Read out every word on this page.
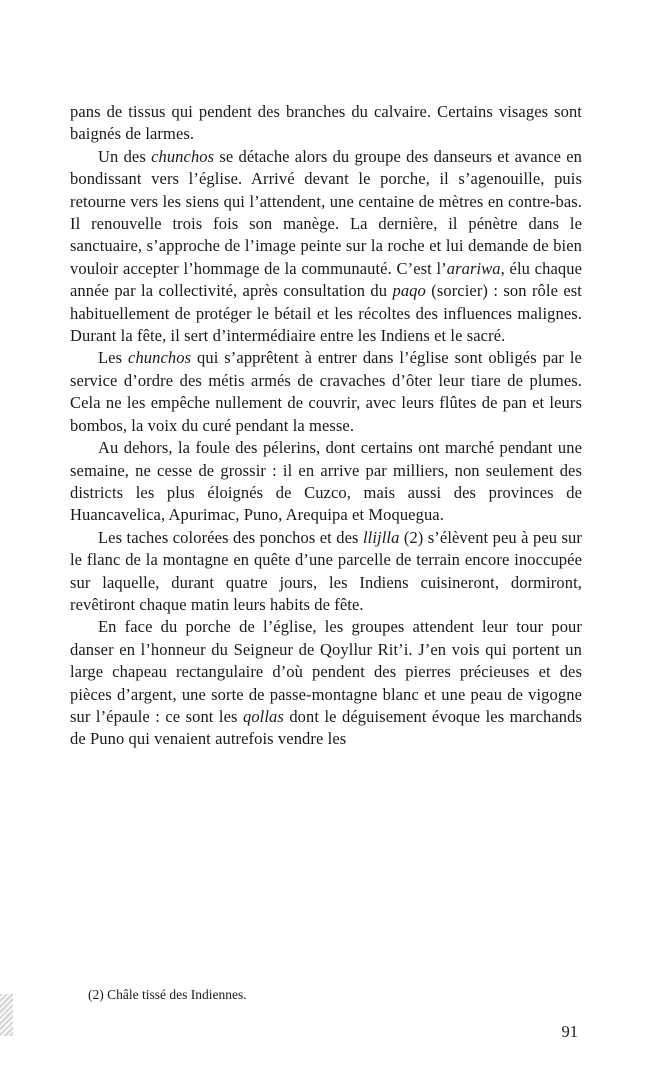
pans de tissus qui pendent des branches du calvaire. Certains visages sont baignés de larmes.

Un des chunchos se détache alors du groupe des danseurs et avance en bondissant vers l’église. Arrivé devant le porche, il s’agenouille, puis retourne vers les siens qui l’attendent, une centaine de mètres en contre-bas. Il renouvelle trois fois son manège. La dernière, il pénètre dans le sanctuaire, s’approche de l’image peinte sur la roche et lui demande de bien vouloir accepter l’hommage de la communauté. C’est l’arariwa, élu chaque année par la collectivité, après consultation du paqo (sorcier) : son rôle est habituellement de protéger le bétail et les récoltes des influences malignes. Durant la fête, il sert d’intermédiaire entre les Indiens et le sacré.

Les chunchos qui s’apprêtent à entrer dans l’église sont obligés par le service d’ordre des métis armés de cravaches d’ôter leur tiare de plumes. Cela ne les empêche nullement de couvrir, avec leurs flûtes de pan et leurs bombos, la voix du curé pendant la messe.

Au dehors, la foule des pélerins, dont certains ont marché pendant une semaine, ne cesse de grossir : il en arrive par milliers, non seulement des districts les plus éloignés de Cuzco, mais aussi des provinces de Huancavelica, Apurimac, Puno, Arequipa et Moquegua.

Les taches colorées des ponchos et des llijlla (2) s’élèvent peu à peu sur le flanc de la montagne en quête d’une parcelle de terrain encore inoccupée sur laquelle, durant quatre jours, les Indiens cuisineront, dormiront, revêtiront chaque matin leurs habits de fête.

En face du porche de l’église, les groupes attendent leur tour pour danser en l’honneur du Seigneur de Qoyllur Rit’i. J’en vois qui portent un large chapeau rectangulaire d’où pendent des pierres précieuses et des pièces d’argent, une sorte de passe-montagne blanc et une peau de vigogne sur l’épaule : ce sont les qollas dont le déguisement évoque les marchands de Puno qui venaient autrefois vendre les

(2) Châle tissé des Indiennes.
91
